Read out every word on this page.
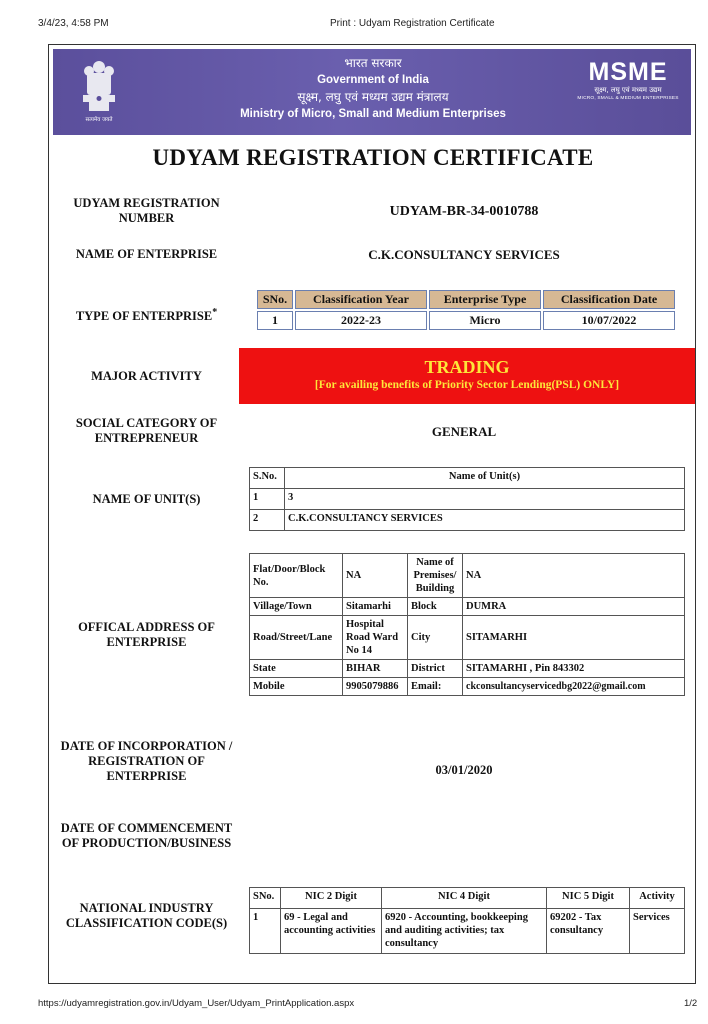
3/4/23, 4:58 PM	Print : Udyam Registration Certificate
सत्यमेव जयते
भारत सरकार
Government of India
सूक्ष्म, लघु एवं मध्यम उद्यम मंत्रालय
Ministry of Micro, Small and Medium Enterprises
MSME
सूक्ष्म, लघु एवं मध्यम उद्यम
MICRO, SMALL & MEDIUM ENTERPRISES
UDYAM REGISTRATION CERTIFICATE
UDYAM REGISTRATION NUMBER	UDYAM-BR-34-0010788
NAME OF ENTERPRISE	C.K.CONSULTANCY SERVICES
TYPE OF ENTERPRISE*
SNo.	Classification Year	Enterprise Type	Classification Date
1	2022-23	Micro	10/07/2022
MAJOR ACTIVITY	TRADING
[For availing benefits of Priority Sector Lending(PSL) ONLY]
SOCIAL CATEGORY OF ENTREPRENEUR	GENERAL
NAME OF UNIT(S)
S.No.	Name of Unit(s)
1	3
2	C.K.CONSULTANCY SERVICES
OFFICAL ADDRESS OF ENTERPRISE
Flat/Door/Block No.	NA	Name of Premises/ Building	NA
Village/Town	Sitamarhi	Block	DUMRA
Road/Street/Lane	Hospital Road Ward No 14	City	SITAMARHI
State	BIHAR	District	SITAMARHI , Pin 843302
Mobile	9905079886	Email:	ckconsultancyservicedbg2022@gmail.com
DATE OF INCORPORATION / REGISTRATION OF ENTERPRISE	03/01/2020
DATE OF COMMENCEMENT OF PRODUCTION/BUSINESS
NATIONAL INDUSTRY CLASSIFICATION CODE(S)
SNo.	NIC 2 Digit	NIC 4 Digit	NIC 5 Digit	Activity
1	69 - Legal and accounting activities	6920 - Accounting, bookkeeping and auditing activities; tax consultancy	69202 - Tax consultancy	Services
https://udyamregistration.gov.in/Udyam_User/Udyam_PrintApplication.aspx	1/2
